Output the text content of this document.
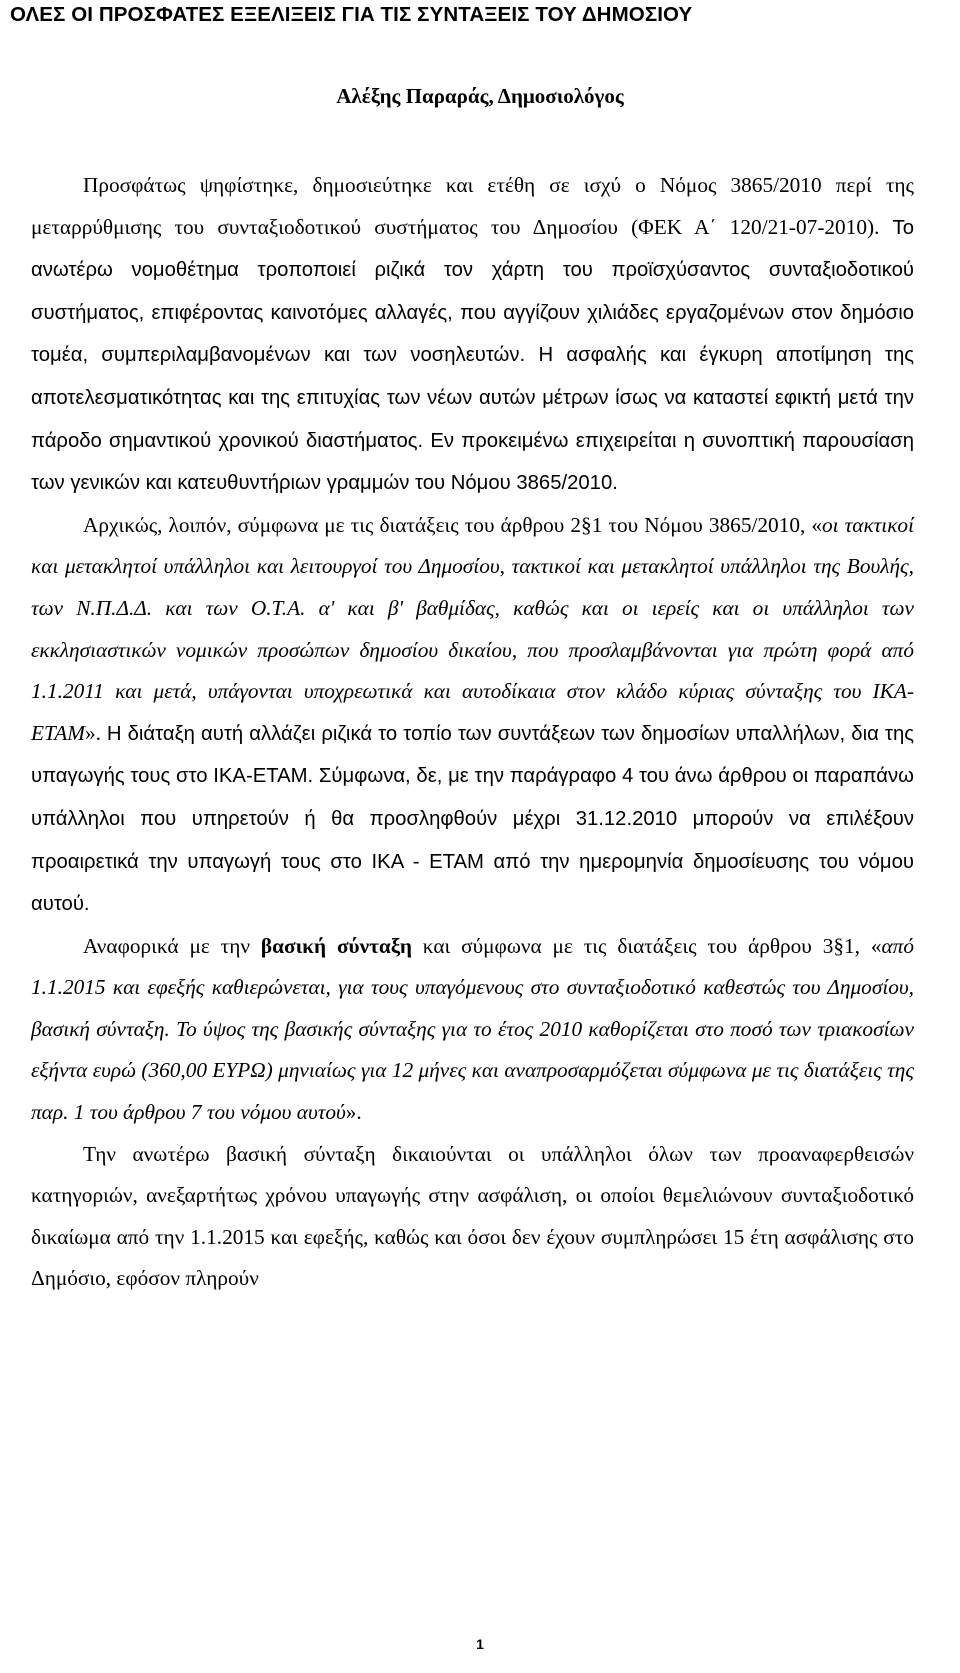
ΟΛΕΣ ΟΙ ΠΡΟΣΦΑΤΕΣ ΕΞΕΛΙΞΕΙΣ ΓΙΑ ΤΙΣ ΣΥΝΤΑΞΕΙΣ ΤΟΥ ΔΗΜΟΣΙΟΥ
Αλέξης Παραράς, Δημοσιολόγος

Προσφάτως ψηφίστηκε, δημοσιεύτηκε και ετέθη σε ισχύ ο Νόμος 3865/2010 περί της μεταρρύθμισης του συνταξιοδοτικού συστήματος του Δημοσίου (ΦΕΚ Α΄ 120/21-07-2010). Το ανωτέρω νομοθέτημα τροποποιεί ριζικά τον χάρτη του προϊσχύσαντος συνταξιοδοτικού συστήματος, επιφέροντας καινοτόμες αλλαγές, που αγγίζουν χιλιάδες εργαζομένων στον δημόσιο τομέα, συμπεριλαμβανομένων και των νοσηλευτών. Η ασφαλής και έγκυρη αποτίμηση της αποτελεσματικότητας και της επιτυχίας των νέων αυτών μέτρων ίσως να καταστεί εφικτή μετά την πάροδο σημαντικού χρονικού διαστήματος. Εν προκειμένω επιχειρείται η συνοπτική παρουσίαση των γενικών και κατευθυντήριων γραμμών του Νόμου 3865/2010.

Αρχικώς, λοιπόν, σύμφωνα με τις διατάξεις του άρθρου 2§1 του Νόμου 3865/2010, «οι τακτικοί και μετακλητοί υπάλληλοι και λειτουργοί του Δημοσίου, τακτικοί και μετακλητοί υπάλληλοι της Βουλής, των Ν.Π.Δ.Δ. και των Ο.Τ.Α. α' και β' βαθμίδας, καθώς και οι ιερείς και οι υπάλληλοι των εκκλησιαστικών νομικών προσώπων δημοσίου δικαίου, που προσλαμβάνονται για πρώτη φορά από 1.1.2011 και μετά, υπάγονται υποχρεωτικά και αυτοδίκαια στον κλάδο κύριας σύνταξης του ΙΚΑ-ΕΤΑΜ». Η διάταξη αυτή αλλάζει ριζικά το τοπίο των συντάξεων των δημοσίων υπαλλήλων, δια της υπαγωγής τους στο ΙΚΑ-ΕΤΑΜ. Σύμφωνα, δε, με την παράγραφο 4 του άνω άρθρου οι παραπάνω υπάλληλοι που υπηρετούν ή θα προσληφθούν μέχρι 31.12.2010 μπορούν να επιλέξουν προαιρετικά την υπαγωγή τους στο ΙΚΑ - ΕΤΑΜ από την ημερομηνία δημοσίευσης του νόμου αυτού.

Αναφορικά με την βασική σύνταξη και σύμφωνα με τις διατάξεις του άρθρου 3§1, «από 1.1.2015 και εφεξής καθιερώνεται, για τους υπαγόμενους στο συνταξιοδοτικό καθεστώς του Δημοσίου, βασική σύνταξη. Το ύψος της βασικής σύνταξης για το έτος 2010 καθορίζεται στο ποσό των τριακοσίων εξήντα ευρώ (360,00 ΕΥΡΩ) μηνιαίως για 12 μήνες και αναπροσαρμόζεται σύμφωνα με τις διατάξεις της παρ. 1 του άρθρου 7 του νόμου αυτού».

Την ανωτέρω βασική σύνταξη δικαιούνται οι υπάλληλοι όλων των προαναφερθεισών κατηγοριών, ανεξαρτήτως χρόνου υπαγωγής στην ασφάλιση, οι οποίοι θεμελιώνουν συνταξιοδοτικό δικαίωμα από την 1.1.2015 και εφεξής, καθώς και όσοι δεν έχουν συμπληρώσει 15 έτη ασφάλισης στο Δημόσιο, εφόσον πληρούν

1
